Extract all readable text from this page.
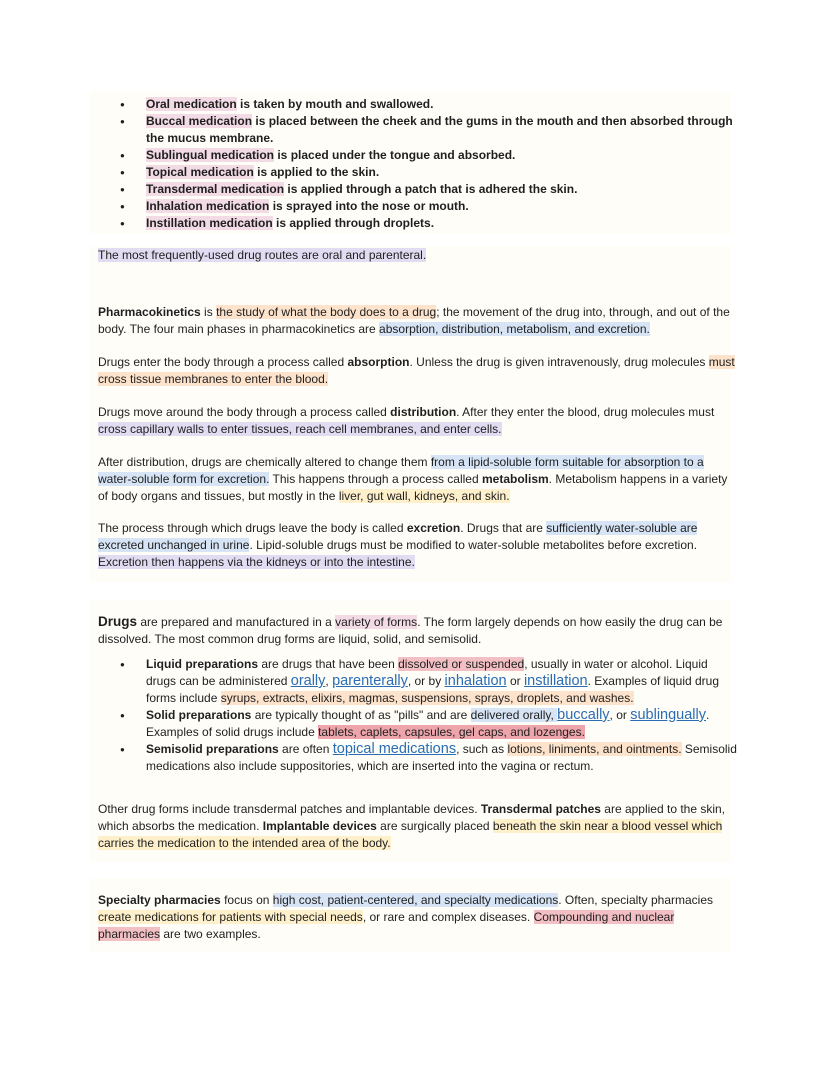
● Oral medication is taken by mouth and swallowed.
● Buccal medication is placed between the cheek and the gums in the mouth and then absorbed through the mucus membrane.
● Sublingual medication is placed under the tongue and absorbed.
● Topical medication is applied to the skin.
● Transdermal medication is applied through a patch that is adhered the skin.
● Inhalation medication is sprayed into the nose or mouth.
● Instillation medication is applied through droplets.

The most frequently-used drug routes are oral and parenteral.

Pharmacokinetics is the study of what the body does to a drug; the movement of the drug into, through, and out of the body. The four main phases in pharmacokinetics are absorption, distribution, metabolism, and excretion.

Drugs enter the body through a process called absorption. Unless the drug is given intravenously, drug molecules must cross tissue membranes to enter the blood.

Drugs move around the body through a process called distribution. After they enter the blood, drug molecules must cross capillary walls to enter tissues, reach cell membranes, and enter cells.

After distribution, drugs are chemically altered to change them from a lipid-soluble form suitable for absorption to a water-soluble form for excretion. This happens through a process called metabolism. Metabolism happens in a variety of body organs and tissues, but mostly in the liver, gut wall, kidneys, and skin.

The process through which drugs leave the body is called excretion. Drugs that are sufficiently water-soluble are excreted unchanged in urine. Lipid-soluble drugs must be modified to water-soluble metabolites before excretion. Excretion then happens via the kidneys or into the intestine.

Drugs are prepared and manufactured in a variety of forms. The form largely depends on how easily the drug can be dissolved. The most common drug forms are liquid, solid, and semisolid.

● Liquid preparations are drugs that have been dissolved or suspended, usually in water or alcohol. Liquid drugs can be administered orally, parenterally, or by inhalation or instillation. Examples of liquid drug forms include syrups, extracts, elixirs, magmas, suspensions, sprays, droplets, and washes.
● Solid preparations are typically thought of as "pills" and are delivered orally, buccally, or sublingually. Examples of solid drugs include tablets, caplets, capsules, gel caps, and lozenges.
● Semisolid preparations are often topical medications, such as lotions, liniments, and ointments. Semisolid medications also include suppositories, which are inserted into the vagina or rectum.

Other drug forms include transdermal patches and implantable devices. Transdermal patches are applied to the skin, which absorbs the medication. Implantable devices are surgically placed beneath the skin near a blood vessel which carries the medication to the intended area of the body.

Specialty pharmacies focus on high cost, patient-centered, and specialty medications. Often, specialty pharmacies create medications for patients with special needs, or rare and complex diseases. Compounding and nuclear pharmacies are two examples.
